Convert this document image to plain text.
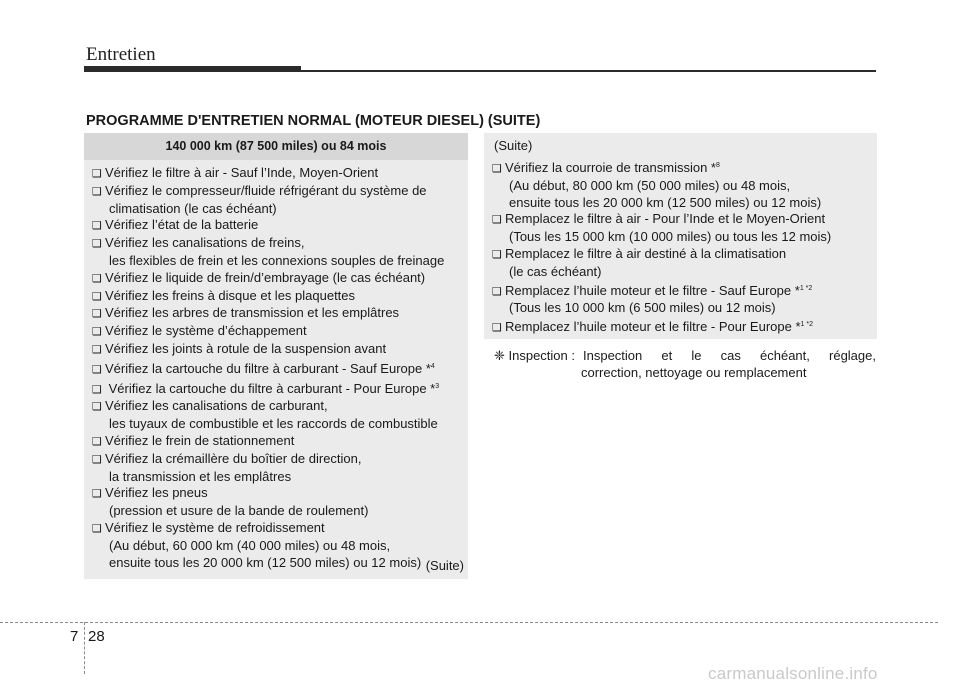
Entretien
PROGRAMME D'ENTRETIEN NORMAL (MOTEUR DIESEL) (SUITE)
140 000 km (87 500 miles) ou 84 mois
❑ Vérifiez le filtre à air - Sauf l’Inde, Moyen-Orient
❑ Vérifiez le compresseur/fluide réfrigérant du système de
climatisation (le cas échéant)
❑ Vérifiez l’état de la batterie
❑ Vérifiez les canalisations de freins,
les flexibles de frein et les connexions souples de freinage
❑ Vérifiez le liquide de frein/d’embrayage (le cas échéant)
❑ Vérifiez les freins à disque et les plaquettes
❑ Vérifiez les arbres de transmission et les emplâtres
❑ Vérifiez le système d’échappement
❑ Vérifiez les joints à rotule de la suspension avant
❑ Vérifiez la cartouche du filtre à carburant - Sauf Europe *$^4$
❑ Vérifiez la cartouche du filtre à carburant - Pour Europe *$^3$
❑ Vérifiez les canalisations de carburant,
les tuyaux de combustible et les raccords de combustible
❑ Vérifiez le frein de stationnement
❑ Vérifiez la crémaillère du boîtier de direction,
la transmission et les emplâtres
❑ Vérifiez les pneus
(pression et usure de la bande de roulement)
❑ Vérifiez le système de refroidissement
(Au début, 60 000 km (40 000 miles) ou 48 mois,
ensuite tous les 20 000 km (12 500 miles) ou 12 mois) (Suite)
(Suite)
❑ Vérifiez la courroie de transmission *$^8$
(Au début, 80 000 km (50 000 miles) ou 48 mois,
ensuite tous les 20 000 km (12 500 miles) ou 12 mois)
❑ Remplacez le filtre à air - Pour l’Inde et le Moyen-Orient
(Tous les 15 000 km (10 000 miles) ou tous les 12 mois)
❑ Remplacez le filtre à air destiné à la climatisation
(le cas échéant)
❑ Remplacez l’huile moteur et le filtre - Sauf Europe *$^{1 *2}$
(Tous les 10 000 km (6 500 miles) ou 12 mois)
❑ Remplacez l’huile moteur et le filtre - Pour Europe *$^{1 *2}$
❈ Inspection : Inspection et le cas échéant, réglage,
correction, nettoyage ou remplacement
7 28
carmanualsonline.info
